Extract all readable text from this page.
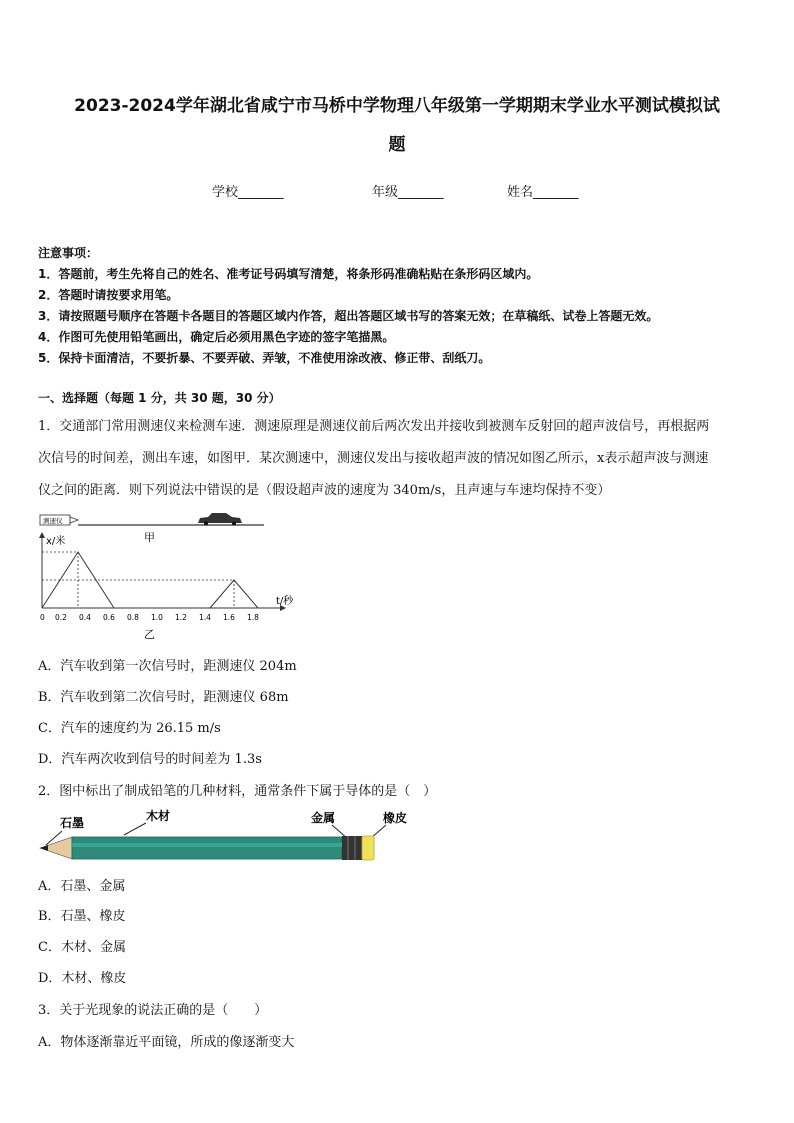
2023-2024学年湖北省咸宁市马桥中学物理八年级第一学期期末学业水平测试模拟试
题
学校_______	年级_______	姓名_______
注意事项：
1．答题前，考生先将自己的姓名、准考证号码填写清楚，将条形码准确粘贴在条形码区域内。
2．答题时请按要求用笔。
3．请按照题号顺序在答题卡各题目的答题区域内作答，超出答题区域书写的答案无效；在草稿纸、试卷上答题无效。
4．作图可先使用铅笔画出，确定后必须用黑色字迹的签字笔描黑。
5．保持卡面清洁，不要折暴、不要弄破、弄皱，不准使用涂改液、修正带、刮纸刀。
一、选择题（每题 1 分，共 30 题，30 分）
1．交通部门常用测速仪来检测车速．测速原理是测速仪前后两次发出并接收到被测车反射回的超声波信号，再根据两
次信号的时间差，测出车速，如图甲．某次测速中，测速仪发出与接收超声波的情况如图乙所示，x表示超声波与测速
仪之间的距离．则下列说法中错误的是（假设超声波的速度为 340m/s，且声速与车速均保持不变）
测速仪
甲
x/米
t/秒
0 0.2 0.4 0.6 0.8 1.0 1.2 1.4 1.6 1.8
乙
A．汽车收到第一次信号时，距测速仪 204m
B．汽车收到第二次信号时，距测速仪 68m
C．汽车的速度约为 26.15 m/s
D．汽车两次收到信号的时间差为 1.3s
2．图中标出了制成铅笔的几种材料，通常条件下属于导体的是（　）
石墨	木材	金属	橡皮
A．石墨、金属
B．石墨、橡皮
C．木材、金属
D．木材、橡皮
3．关于光现象的说法正确的是（　　）
A．物体逐渐靠近平面镜，所成的像逐渐变大
